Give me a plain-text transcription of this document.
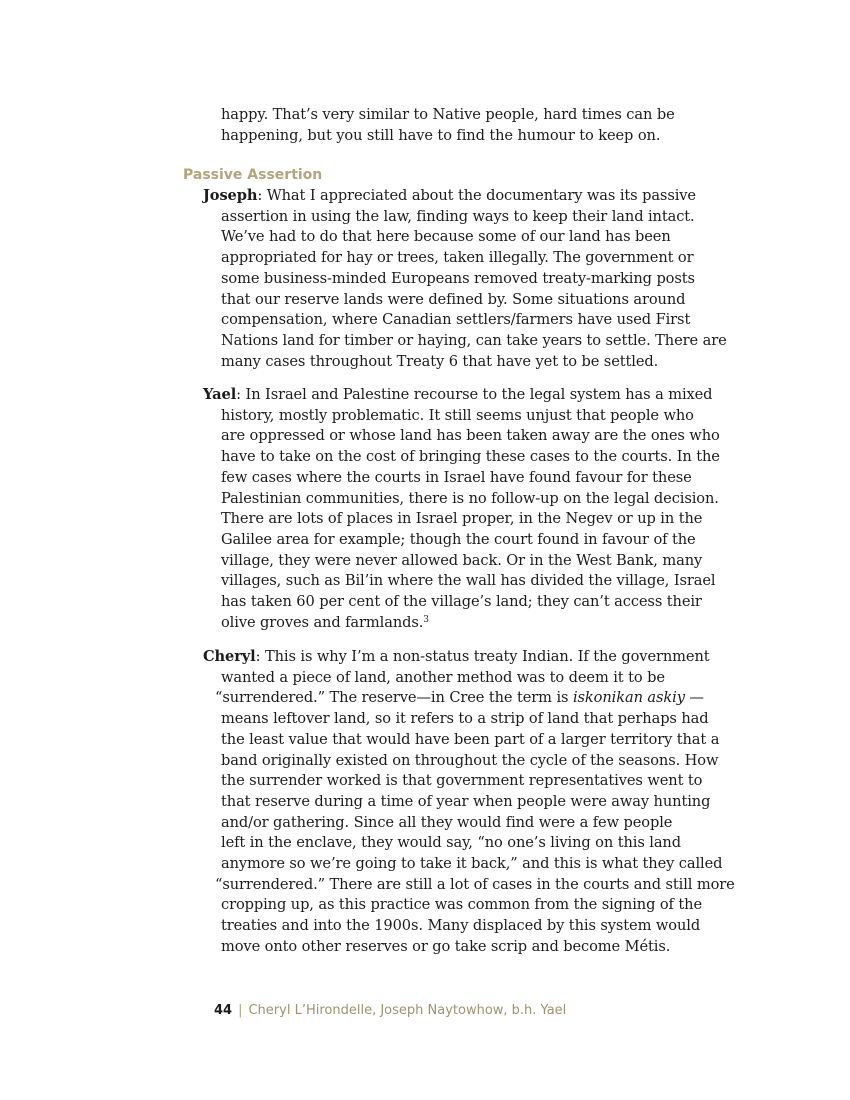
happy. That’s very similar to Native people, hard times can be
happening, but you still have to find the humour to keep on.
Passive Assertion
Joseph: What I appreciated about the documentary was its passive
assertion in using the law, finding ways to keep their land intact.
We’ve had to do that here because some of our land has been
appropriated for hay or trees, taken illegally. The government or
some business-minded Europeans removed treaty-marking posts
that our reserve lands were defined by. Some situations around
compensation, where Canadian settlers/farmers have used First
Nations land for timber or haying, can take years to settle. There are
many cases throughout Treaty 6 that have yet to be settled.
Yael: In Israel and Palestine recourse to the legal system has a mixed
history, mostly problematic. It still seems unjust that people who
are oppressed or whose land has been taken away are the ones who
have to take on the cost of bringing these cases to the courts. In the
few cases where the courts in Israel have found favour for these
Palestinian communities, there is no follow-up on the legal decision.
There are lots of places in Israel proper, in the Negev or up in the
Galilee area for example; though the court found in favour of the
village, they were never allowed back. Or in the West Bank, many
villages, such as Bil’in where the wall has divided the village, Israel
has taken 60 per cent of the village’s land; they can’t access their
olive groves and farmlands.$^3$
Cheryl: This is why I’m a non-status treaty Indian. If the government
wanted a piece of land, another method was to deem it to be
“surrendered.” The reserve—in Cree the term is iskonikan askiy —
means leftover land, so it refers to a strip of land that perhaps had
the least value that would have been part of a larger territory that a
band originally existed on throughout the cycle of the seasons. How
the surrender worked is that government representatives went to
that reserve during a time of year when people were away hunting
and/or gathering. Since all they would find were a few people
left in the enclave, they would say, “no one’s living on this land
anymore so we’re going to take it back,” and this is what they called
“surrendered.” There are still a lot of cases in the courts and still more
cropping up, as this practice was common from the signing of the
treaties and into the 1900s. Many displaced by this system would
move onto other reserves or go take scrip and become Métis.
44 | Cheryl L’Hirondelle, Joseph Naytowhow, b.h. Yael
